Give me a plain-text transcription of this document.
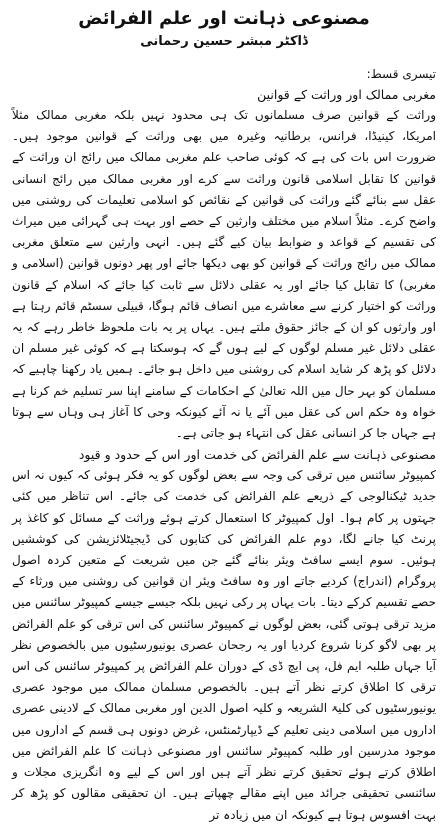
مصنوعی ذہانت اور علم الفرائض
ڈاکٹر مبشر حسین رحمانی
تیسری قسط:
مغربی ممالک اور وراثت کے قوانین

وراثت کے قوانین صرف مسلمانوں تک ہی محدود نہیں بلکہ مغربی ممالک مثلاً امریکا، کینیڈا، فرانس، برطانیہ وغیرہ میں بھی وراثت کے قوانین موجود ہیں۔ ضرورت اس بات کی ہے کہ کوئی صاحب علم مغربی ممالک میں رائج ان وراثت کے قوانین کا تقابل اسلامی قانون وراثت سے کرے اور مغربی ممالک میں رائج انسانی عقل سے بنائے گئے وراثت کی قوانین کے نقائص کو اسلامی تعلیمات کی روشنی میں واضح کرے۔ مثلاً اسلام میں مختلف وارثین کے حصے اور بہت ہی گہرائی میں میراث کی تقسیم کے قواعد و ضوابط بیان کیے گئے ہیں۔ انہی وارثین سے متعلق مغربی ممالک میں رائج وراثت کے قوانین کو بھی دیکھا جائے اور پھر دونوں قوانین (اسلامی و مغربی) کا تقابل کیا جائے اور یہ عقلی دلائل سے ثابت کیا جائے کہ اسلام کے قانون وراثت کو اختیار کرنے سے معاشرے میں انصاف قائم ہوگا، قبیلی سسٹم قائم رہتا ہے اور وارثوں کو ان کے جائز حقوق ملتے ہیں۔ یہاں پر یہ بات ملحوظ خاطر رہے کہ یہ عقلی دلائل غیر مسلم لوگوں کے لیے ہوں گے کہ ہوسکتا ہے کہ کوئی غیر مسلم ان دلائل کو پڑھ کر شاید اسلام کی روشنی میں داخل ہو جائے۔ ہمیں یاد رکھنا چاہیے کہ مسلمان کو بہر حال میں اللہ تعالیٰ کے احکامات کے سامنے اپنا سر تسلیم خم کرنا ہے خواہ وہ حکم اس کی عقل میں آئے یا نہ آئے کیونکہ وحی کا آغاز ہی وہاں سے ہوتا ہے جہاں جا کر انسانی عقل کی انتہاء ہو جاتی ہے۔

مصنوعی ذہانت سے علم الفرائض کی خدمت اور اس کے حدود و قیود

کمپیوٹر سائنس میں ترقی کی وجہ سے بعض لوگوں کو یہ فکر ہوئی کہ کیوں نہ اس جدید ٹیکنالوجی کے ذریعے علم الفرائض کی خدمت کی جائے۔ اس تناظر میں کئی جہتوں پر کام ہوا۔ اول کمپیوٹر کا استعمال کرتے ہوئے وراثت کے مسائل کو کاغذ پر پرنٹ کیا جانے لگا، دوم علم الفرائض کی کتابوں کی ڈیجیٹلائزیشن کی کوششیں ہوئیں۔ سوم ایسے سافٹ ویئر بنائے گئے جن میں شریعت کے متعین کردہ اصول پروگرام (اندراج) کردیے جاتے اور وہ سافٹ ویئر ان قوانین کی روشنی میں ورثاء کے حصے تقسیم کرکے دیتا۔ بات یہاں پر رکی نہیں بلکہ جیسے جیسے کمپیوٹر سائنس میں مزید ترقی ہوتی گئی، بعض لوگوں نے کمپیوٹر سائنس کی اس ترقی کو علم الفرائض پر بھی لاگو کرنا شروع کردیا اور یہ رجحان عصری یونیورسٹیوں میں بالخصوص نظر آیا جہاں طلبہ ایم فل، پی ایچ ڈی کے دوران علم الفرائض پر کمپیوٹر سائنس کی اس ترقی کا اطلاق کرتے نظر آتے ہیں۔ بالخصوص مسلمان ممالک میں موجود عصری یونیورسٹیوں کی کلیۃ الشریعہ و کلیہ اصول الدین اور مغربی ممالک کے لادینی عصری اداروں میں اسلامی دینی تعلیم کے ڈیپارٹمنٹس، غرض دونوں ہی قسم کے اداروں میں موجود مدرسین اور طلبہ کمپیوٹر سائنس اور مصنوعی ذہانت کا علم الفرائض میں اطلاق کرتے ہوئے تحقیق کرتے نظر آتے ہیں اور اس کے لیے وہ انگریزی مجلات و سائنسی تحقیقی جرائد میں اپنے مقالے چھپاتے ہیں۔ ان تحقیقی مقالوں کو پڑھ کر بہت افسوس ہوتا ہے کیونکہ ان میں زیادہ تر
